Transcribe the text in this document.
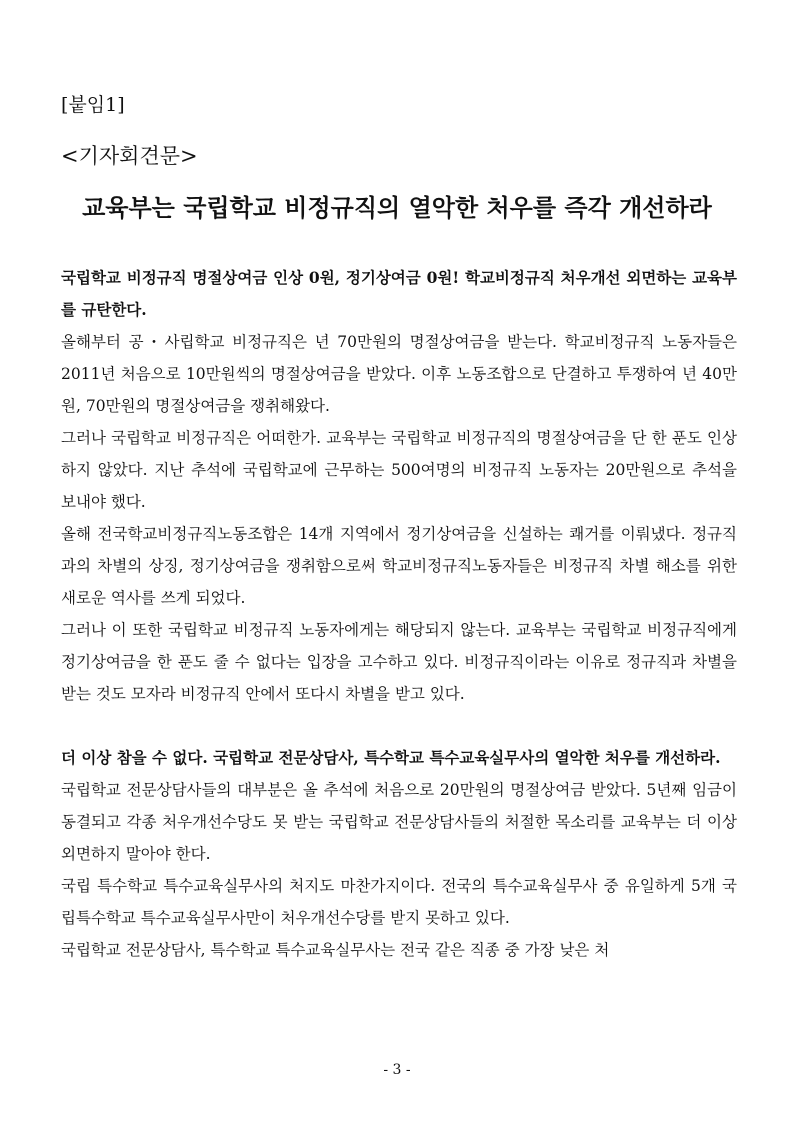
[붙임1]
<기자회견문>
교육부는 국립학교 비정규직의 열악한 처우를 즉각 개선하라

국립학교 비정규직 명절상여금 인상 0원, 정기상여금 0원! 학교비정규직 처우개선 외면하는 교육부를 규탄한다.

올해부터 공・사립학교 비정규직은 년 70만원의 명절상여금을 받는다. 학교비정규직 노동자들은 2011년 처음으로 10만원씩의 명절상여금을 받았다. 이후 노동조합으로 단결하고 투쟁하여 년 40만원, 70만원의 명절상여금을 쟁취해왔다.

그러나 국립학교 비정규직은 어떠한가. 교육부는 국립학교 비정규직의 명절상여금을 단 한 푼도 인상하지 않았다. 지난 추석에 국립학교에 근무하는 500여명의 비정규직 노동자는 20만원으로 추석을 보내야 했다.

올해 전국학교비정규직노동조합은 14개 지역에서 정기상여금을 신설하는 쾌거를 이뤄냈다. 정규직과의 차별의 상징, 정기상여금을 쟁취함으로써 학교비정규직노동자들은 비정규직 차별 해소를 위한 새로운 역사를 쓰게 되었다.

그러나 이 또한 국립학교 비정규직 노동자에게는 해당되지 않는다. 교육부는 국립학교 비정규직에게 정기상여금을 한 푼도 줄 수 없다는 입장을 고수하고 있다. 비정규직이라는 이유로 정규직과 차별을 받는 것도 모자라 비정규직 안에서 또다시 차별을 받고 있다.

더 이상 참을 수 없다. 국립학교 전문상담사, 특수학교 특수교육실무사의 열악한 처우를 개선하라.

국립학교 전문상담사들의 대부분은 올 추석에 처음으로 20만원의 명절상여금 받았다. 5년째 임금이 동결되고 각종 처우개선수당도 못 받는 국립학교 전문상담사들의 처절한 목소리를 교육부는 더 이상 외면하지 말아야 한다.

국립 특수학교 특수교육실무사의 처지도 마찬가지이다. 전국의 특수교육실무사 중 유일하게 5개 국립특수학교 특수교육실무사만이 처우개선수당를 받지 못하고 있다.

국립학교 전문상담사, 특수학교 특수교육실무사는 전국 같은 직종 중 가장 낮은 처

- 3 -
